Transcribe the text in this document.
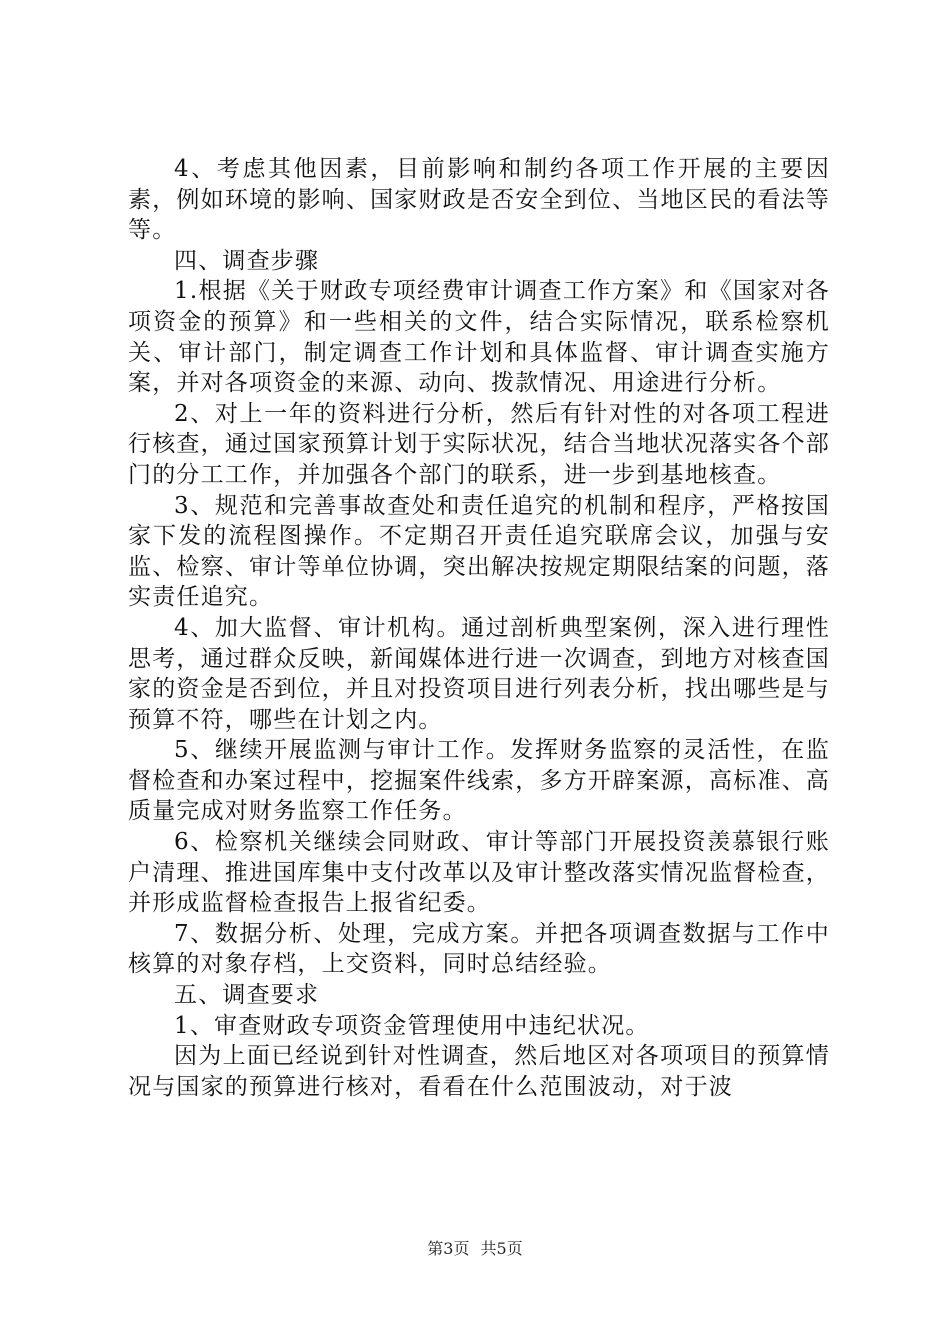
4、考虑其他因素，目前影响和制约各项工作开展的主要因素，例如环境的影响、国家财政是否安全到位、当地区民的看法等等。

四、调查步骤

1.根据《关于财政专项经费审计调查工作方案》和《国家对各项资金的预算》和一些相关的文件，结合实际情况，联系检察机关、审计部门，制定调查工作计划和具体监督、审计调查实施方案，并对各项资金的来源、动向、拨款情况、用途进行分析。

2、对上一年的资料进行分析，然后有针对性的对各项工程进行核查，通过国家预算计划于实际状况，结合当地状况落实各个部门的分工工作，并加强各个部门的联系，进一步到基地核查。

3、规范和完善事故查处和责任追究的机制和程序，严格按国家下发的流程图操作。不定期召开责任追究联席会议，加强与安监、检察、审计等单位协调，突出解决按规定期限结案的问题，落实责任追究。

4、加大监督、审计机构。通过剖析典型案例，深入进行理性思考，通过群众反映，新闻媒体进行进一次调查，到地方对核查国家的资金是否到位，并且对投资项目进行列表分析，找出哪些是与预算不符，哪些在计划之内。

5、继续开展监测与审计工作。发挥财务监察的灵活性，在监督检查和办案过程中，挖掘案件线索，多方开辟案源，高标准、高质量完成对财务监察工作任务。

6、检察机关继续会同财政、审计等部门开展投资羡慕银行账户清理、推进国库集中支付改革以及审计整改落实情况监督检查，并形成监督检查报告上报省纪委。

7、数据分析、处理，完成方案。并把各项调查数据与工作中核算的对象存档，上交资料，同时总结经验。

五、调查要求

1、审查财政专项资金管理使用中违纪状况。

因为上面已经说到针对性调查，然后地区对各项项目的预算情况与国家的预算进行核对，看看在什么范围波动，对于波

第3页 共5页
